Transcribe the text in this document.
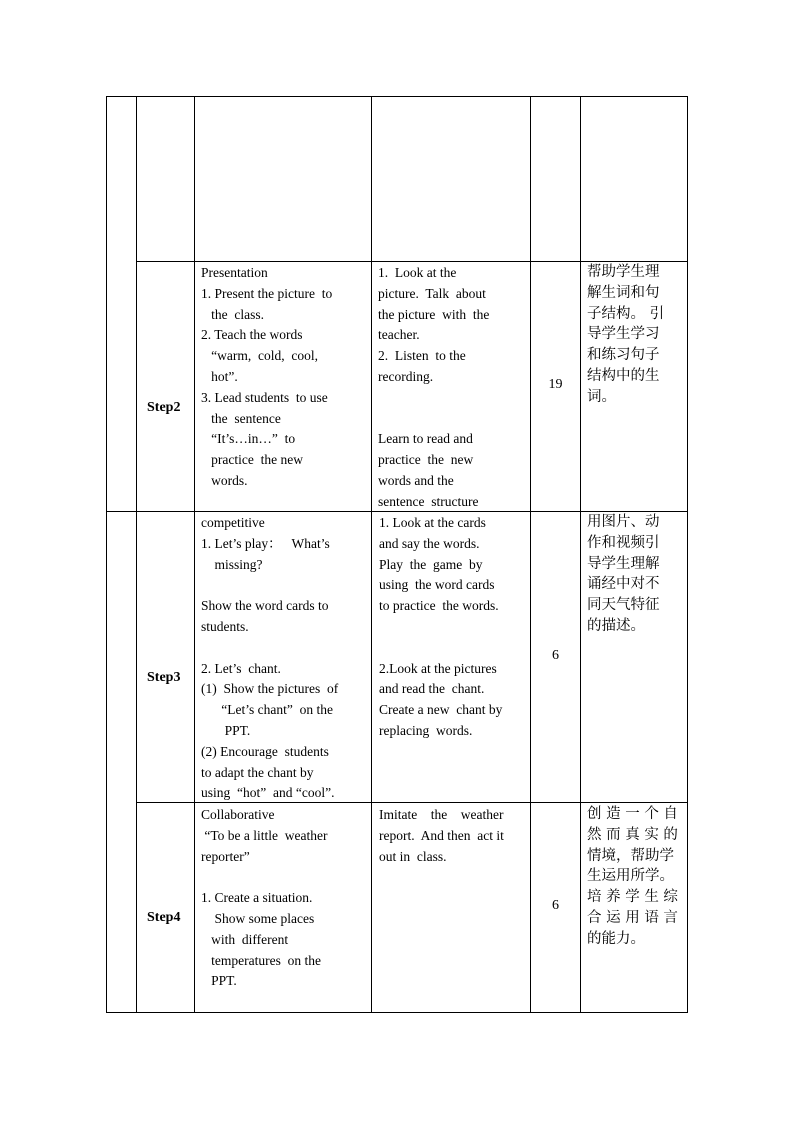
Step2
Presentation
1. Present the picture  to
the  class.
2. Teach the words
“warm,  cold,  cool,
hot”.
3. Lead students  to use
the  sentence
“It’s…in…”  to
practice  the new
words.
1.  Look at the
picture.  Talk  about
the picture  with  the
teacher.
2.  Listen  to the
recording.

Learn to read and
practice  the  new
words and the
sentence  structure
19
帮助学生理
解生词和句
子结构。 引
导学生学习
和练习句子
结构中的生
词。
Step3
competitive
1. Let’s play：   What’s
missing?

Show the word cards to
students.

2. Let’s  chant.
(1)  Show the pictures  of
“Let’s chant”  on the
PPT.
(2) Encourage  students
to adapt the chant by
using  “hot”  and “cool”.
1. Look at the cards
and say the words.
Play  the  game  by
using  the word cards
to practice  the words.

2.Look at the pictures
and read the  chant.
Create a new  chant by
replacing  words.
6
用图片、动
作和视频引
导学生理解
诵经中对不
同天气特征
的描述。
Step4
Collaborative
“To be a little  weather
reporter”

1. Create a situation.
Show some places
with  different
temperatures  on the
PPT.
Imitate    the    weather
report.  And then  act it
out in  class.
6
创 造 一 个 自
然 而 真 实 的
情境，帮助学
生运用所学。
培 养 学 生 综
合 运 用 语 言
的能力。
